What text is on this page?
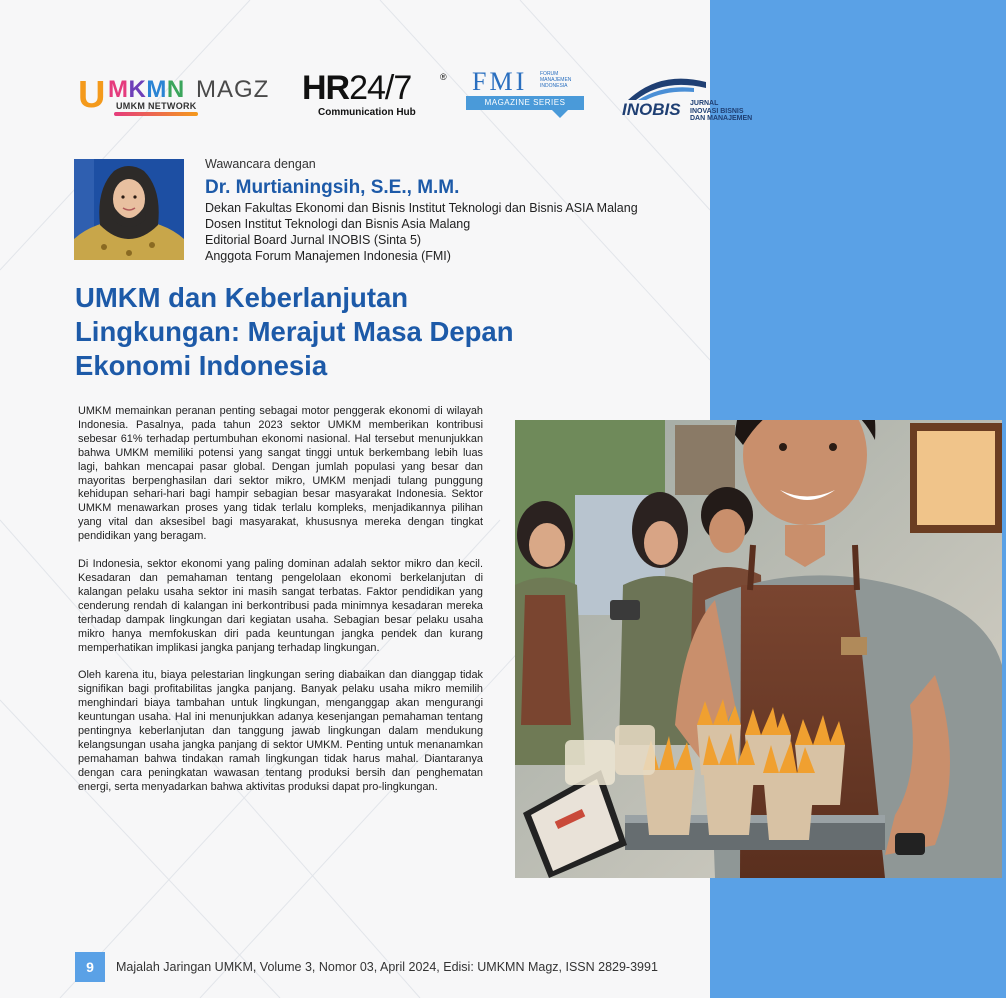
U MKMN MAGZ
UMKM NETWORK	HR24/7	®
Communication Hub
FMI	FORUM MANAJEMEN INDONESIA
MAGAZINE SERIES	INOBIS JURNAL
INOVASI BISNIS
DAN MANAJEMEN
Wawancara dengan
Dr. Murtianingsih, S.E., M.M.
Dekan Fakultas Ekonomi dan Bisnis Institut Teknologi dan Bisnis ASIA Malang
Dosen Institut Teknologi dan Bisnis Asia Malang
Editorial Board Jurnal INOBIS (Sinta 5)
Anggota Forum Manajemen Indonesia (FMI)
UMKM dan Keberlanjutan
Lingkungan: Merajut Masa Depan
Ekonomi Indonesia

UMKM memainkan peranan penting sebagai motor penggerak ekonomi di wilayah Indonesia. Pasalnya, pada tahun 2023 sektor UMKM memberikan kontribusi sebesar 61% terhadap pertumbuhan ekonomi nasional. Hal tersebut menunjukkan bahwa UMKM memiliki potensi yang sangat tinggi untuk berkembang lebih luas lagi, bahkan mencapai pasar global. Dengan jumlah populasi yang besar dan mayoritas berpenghasilan dari sektor mikro, UMKM menjadi tulang punggung kehidupan sehari-hari bagi hampir sebagian besar masyarakat Indonesia. Sektor UMKM menawarkan proses yang tidak terlalu kompleks, menjadikannya pilihan yang vital dan aksesibel bagi masyarakat, khususnya mereka dengan tingkat pendidikan yang beragam.

Di Indonesia, sektor ekonomi yang paling dominan adalah sektor mikro dan kecil. Kesadaran dan pemahaman tentang pengelolaan ekonomi berkelanjutan di kalangan pelaku usaha sektor ini masih sangat terbatas. Faktor pendidikan yang cenderung rendah di kalangan ini berkontribusi pada minimnya kesadaran mereka terhadap dampak lingkungan dari kegiatan usaha. Sebagian besar pelaku usaha mikro hanya memfokuskan diri pada keuntungan jangka pendek dan kurang memperhatikan implikasi jangka panjang terhadap lingkungan.

Oleh karena itu, biaya pelestarian lingkungan sering diabaikan dan dianggap tidak signifikan bagi profitabilitas jangka panjang. Banyak pelaku usaha mikro memilih menghindari biaya tambahan untuk lingkungan, menganggap akan mengurangi keuntungan usaha. Hal ini menunjukkan adanya kesenjangan pemahaman tentang pentingnya keberlanjutan dan tanggung jawab lingkungan dalam mendukung kelangsungan usaha jangka panjang di sektor UMKM. Penting untuk menanamkan pemahaman bahwa tindakan ramah lingkungan tidak harus mahal. Diantaranya dengan cara peningkatan wawasan tentang produksi bersih dan penghematan energi, serta menyadarkan bahwa aktivitas produksi dapat pro-lingkungan.

9	Majalah Jaringan UMKM, Volume 3, Nomor 03, April 2024, Edisi: UMKMN Magz, ISSN 2829-3991
